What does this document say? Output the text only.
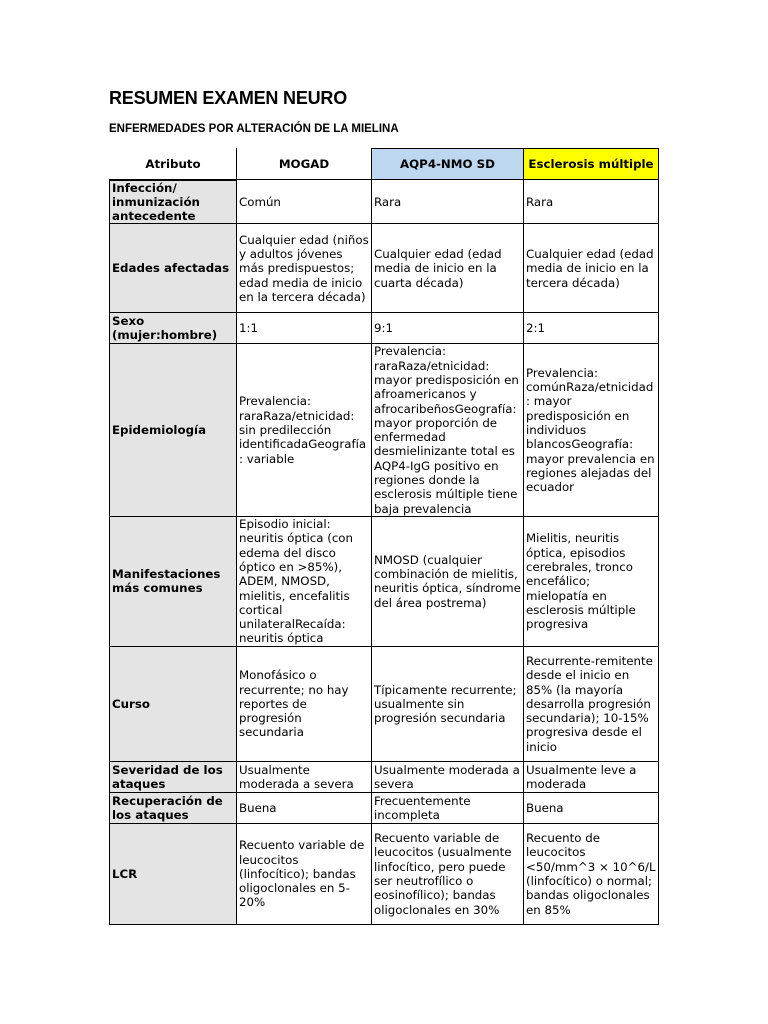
RESUMEN EXAMEN NEURO
ENFERMEDADES POR ALTERACIÓN DE LA MIELINA
Atributo	MOGAD	AQP4-NMO SD	Esclerosis múltiple
Infección/ inmunización antecedente	Común	Rara	Rara
Edades afectadas	Cualquier edad (niños y adultos jóvenes más predispuestos; edad media de inicio en la tercera década)	Cualquier edad (edad media de inicio en la cuarta década)	Cualquier edad (edad media de inicio en la tercera década)
Sexo (mujer:hombre)	1:1	9:1	2:1
Epidemiología	Prevalencia: raraRaza/etnicidad: sin predilección identificadaGeografía: variable	Prevalencia: raraRaza/etnicidad: mayor predisposición en afroamericanos y afrocaribeñosGeografía: mayor proporción de enfermedad desmielinizante total es AQP4-IgG positivo en regiones donde la esclerosis múltiple tiene baja prevalencia	Prevalencia: comúnRaza/etnicidad: mayor predisposición en individuos blancosGeografía: mayor prevalencia en regiones alejadas del ecuador
Manifestaciones más comunes	Episodio inicial: neuritis óptica (con edema del disco óptico en >85%), ADEM, NMOSD, mielitis, encefalitis cortical unilateralRecaída: neuritis óptica	NMOSD (cualquier combinación de mielitis, neuritis óptica, síndrome del área postrema)	Mielitis, neuritis óptica, episodios cerebrales, tronco encefálico; mielopatía en esclerosis múltiple progresiva
Curso	Monofásico o recurrente; no hay reportes de progresión secundaria	Típicamente recurrente; usualmente sin progresión secundaria	Recurrente-remitente desde el inicio en 85% (la mayoría desarrolla progresión secundaria); 10-15% progresiva desde el inicio
Severidad de los ataques	Usualmente moderada a severa	Usualmente moderada a severa	Usualmente leve a moderada
Recuperación de los ataques	Buena	Frecuentemente incompleta	Buena
LCR	Recuento variable de leucocitos (linfocítico); bandas oligoclonales en 5-20%	Recuento variable de leucocitos (usualmente linfocítico, pero puede ser neutrofílico o eosinofílico); bandas oligoclonales en 30%	Recuento de leucocitos <50/mm^3 × 10^6/L (linfocítico) o normal; bandas oligoclonales en 85%
